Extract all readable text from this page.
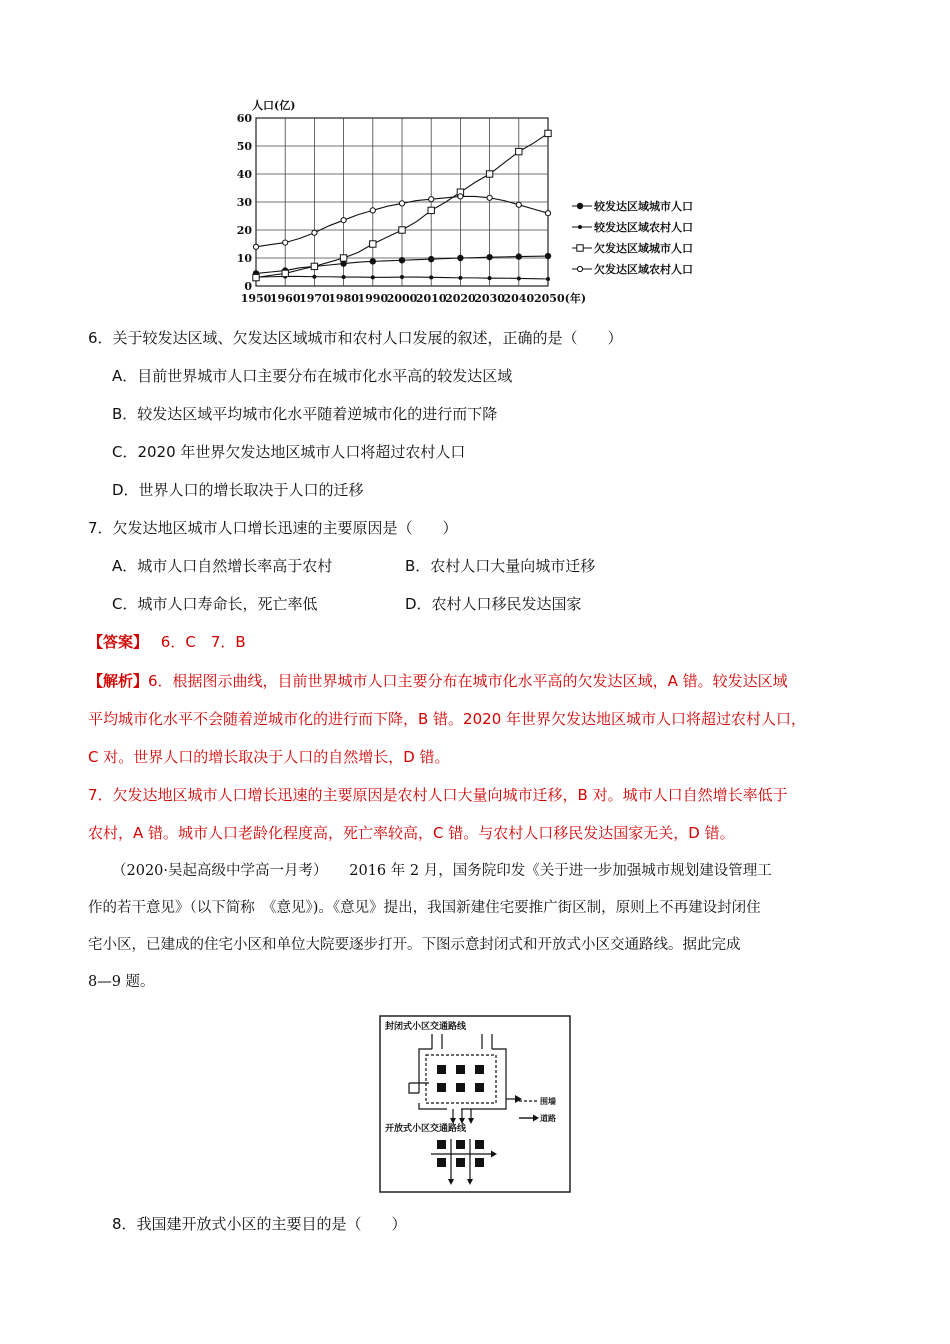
人口(亿)
0
10
20
30
40
50
60
1950
1960
1970
1980
1990
2000
2010
2020
2030
2040 2050(年)
较发达区域城市人口
较发达区域农村人口
欠发达区域城市人口
欠发达区域农村人口
6．关于较发达区域、欠发达区域城市和农村人口发展的叙述，正确的是（　　）
A．目前世界城市人口主要分布在城市化水平高的较发达区域
B．较发达区域平均城市化水平随着逆城市化的进行而下降
C．2020 年世界欠发达地区城市人口将超过农村人口
D．世界人口的增长取决于人口的迁移
7．欠发达地区城市人口增长迅速的主要原因是（　　）
A．城市人口自然增长率高于农村	B．农村人口大量向城市迁移
C．城市人口寿命长，死亡率低	D．农村人口移民发达国家
【答案】 6．C　7．B
【解析】6．根据图示曲线，目前世界城市人口主要分布在城市化水平高的欠发达区域，A 错。较发达区域
平均城市化水平不会随着逆城市化的进行而下降，B 错。2020 年世界欠发达地区城市人口将超过农村人口，
C 对。世界人口的增长取决于人口的自然增长，D 错。
7．欠发达地区城市人口增长迅速的主要原因是农村人口大量向城市迁移，B 对。城市人口自然增长率低于
农村，A 错。城市人口老龄化程度高，死亡率较高，C 错。与农村人口移民发达国家无关，D 错。
（2020·吴起高级中学高一月考）　　2016 年 2 月，国务院印发《关于进一步加强城市规划建设管理工
作的若干意见》（以下简称　《意见》)。《意见》提出，我国新建住宅要推广街区制，原则上不再建设封闭住
宅小区，已建成的住宅小区和单位大院要逐步打开。下图示意封闭式和开放式小区交通路线。据此完成
8—9 题。
封闭式小区交通路线
围墙
道路
开放式小区交通路线
8．我国建开放式小区的主要目的是（　　）
